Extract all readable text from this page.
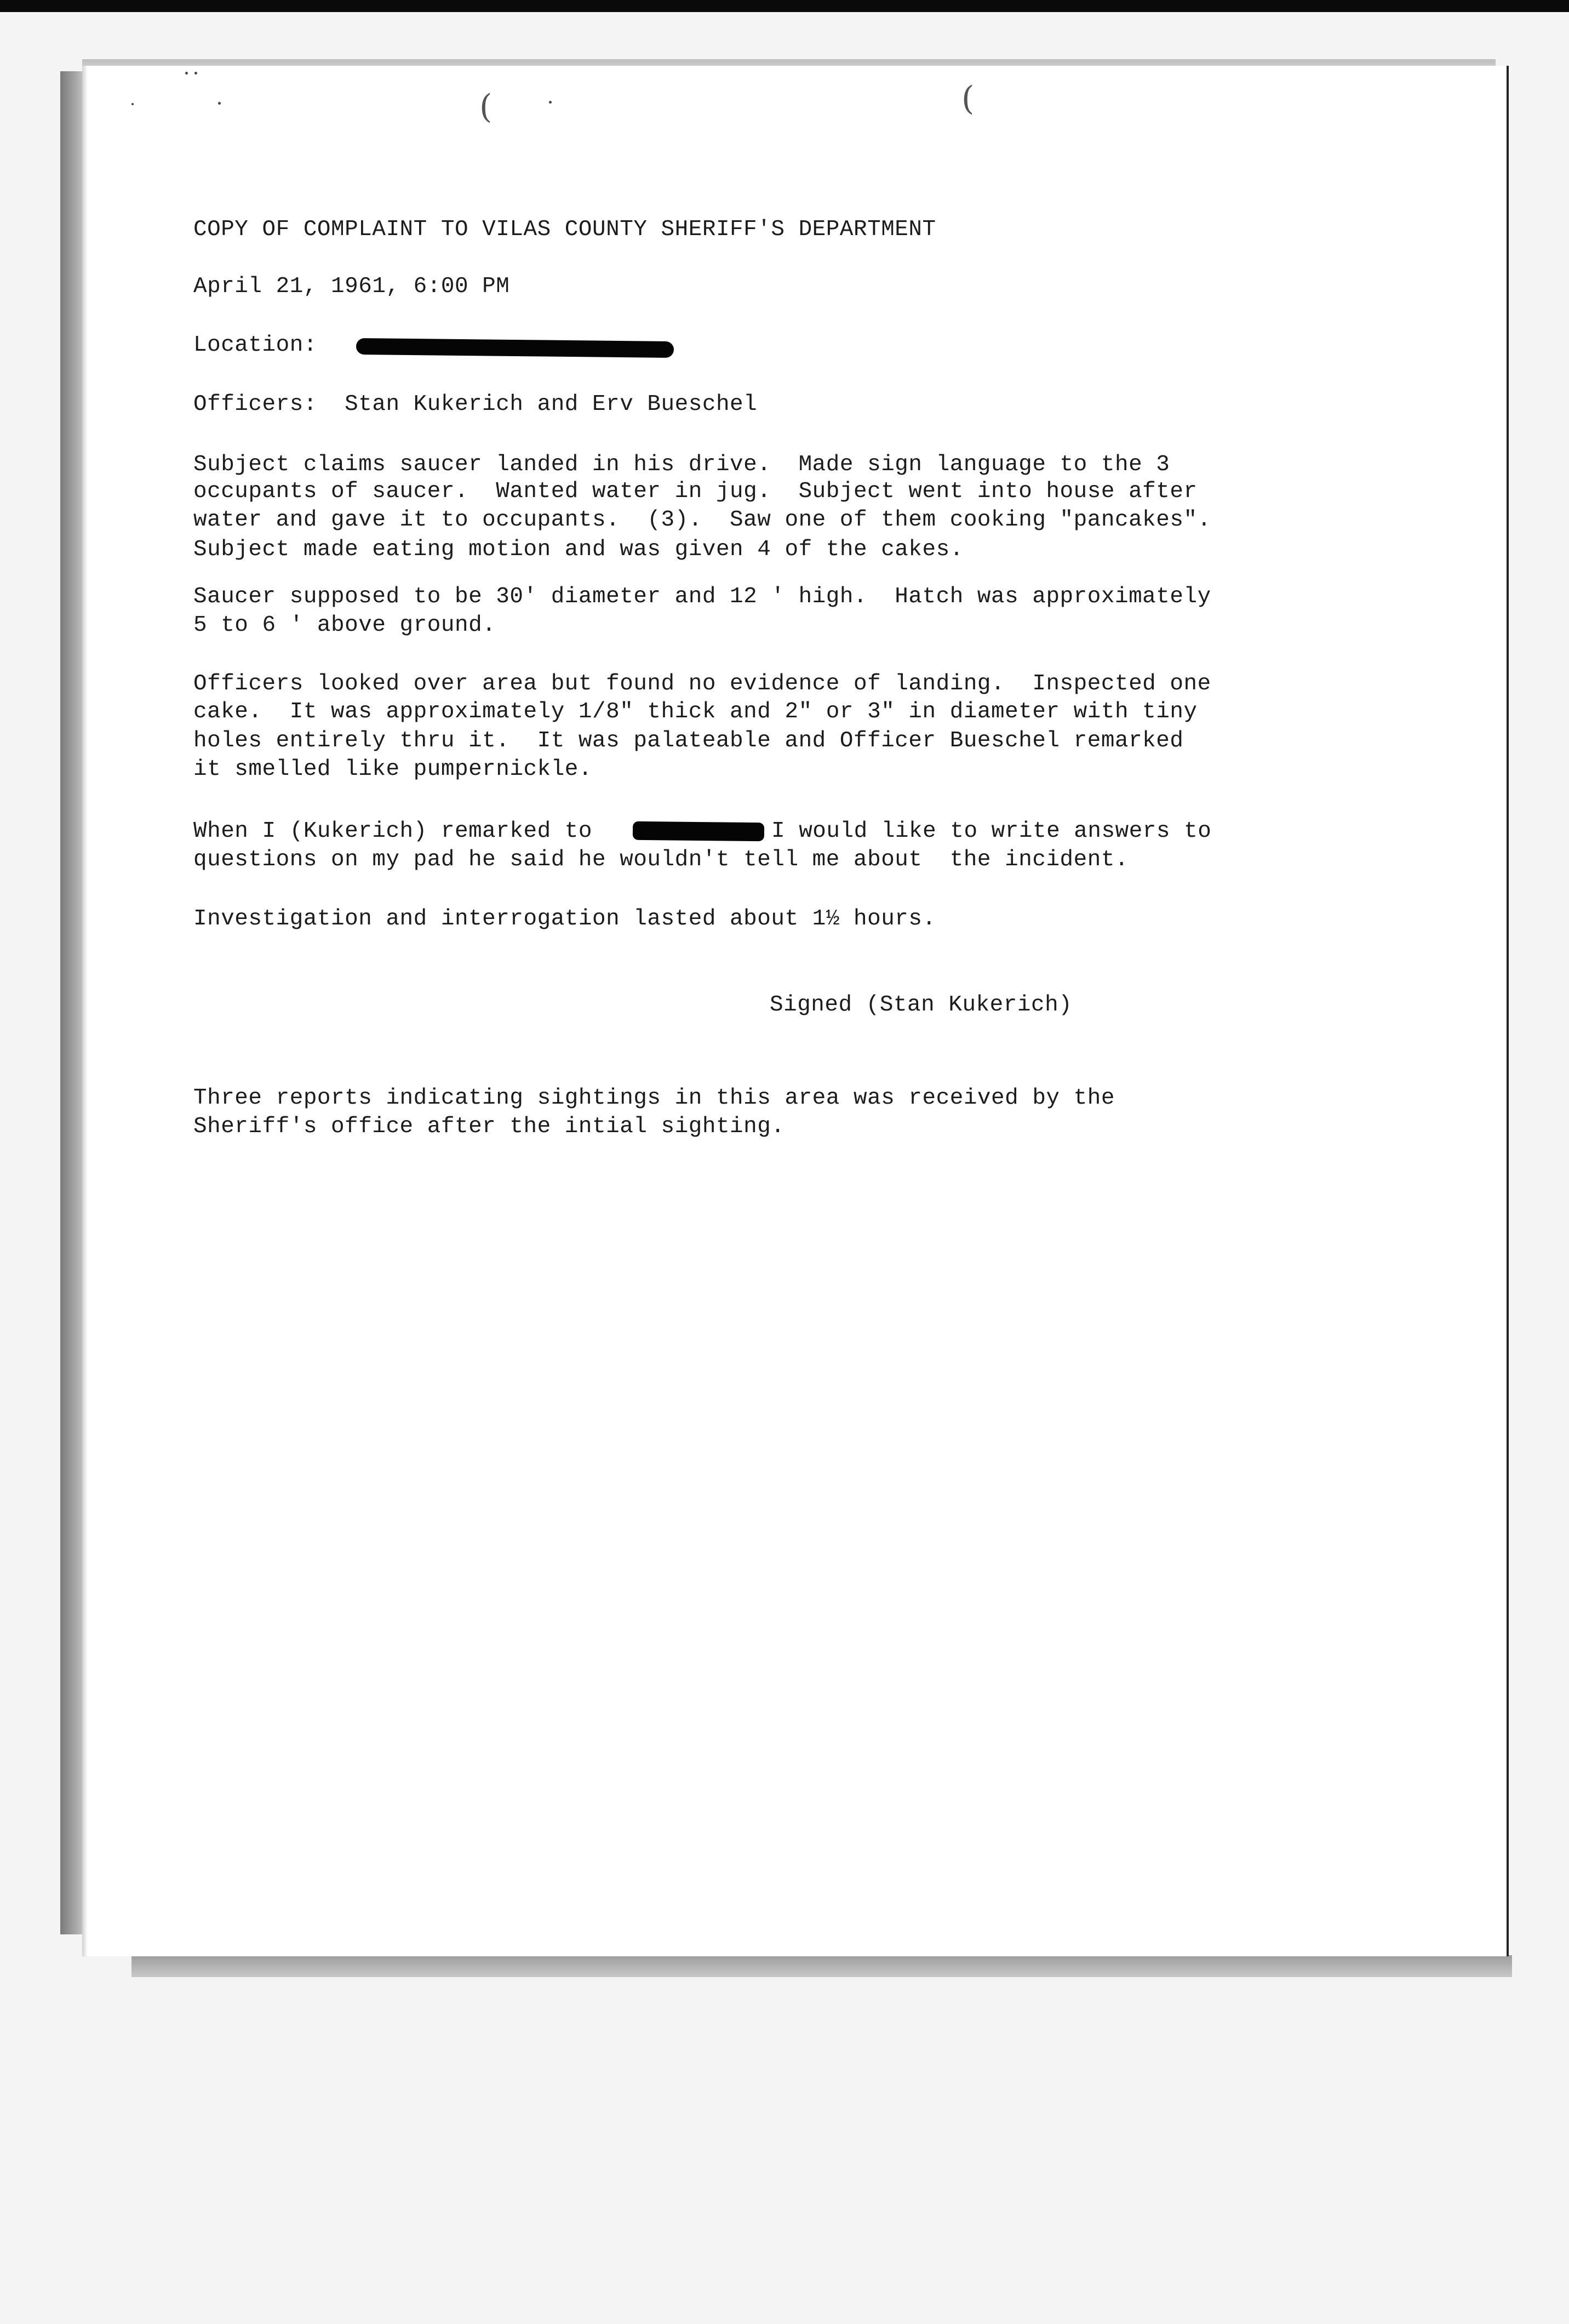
(	(

COPY OF COMPLAINT TO VILAS COUNTY SHERIFF'S DEPARTMENT

April 21, 1961, 6:00 PM

Location:

Officers:  Stan Kukerich and Erv Bueschel

Subject claims saucer landed in his drive.  Made sign language to the 3

occupants of saucer.  Wanted water in jug.  Subject went into house after

water and gave it to occupants.  (3).  Saw one of them cooking "pancakes".

Subject made eating motion and was given 4 of the cakes.

Saucer supposed to be 30' diameter and 12 ' high.  Hatch was approximately

5 to 6 ' above ground.

Officers looked over area but found no evidence of landing.  Inspected one

cake.  It was approximately 1/8" thick and 2" or 3" in diameter with tiny

holes entirely thru it.  It was palateable and Officer Bueschel remarked

it smelled like pumpernickle.

When I (Kukerich) remarked to	I would like to write answers to

questions on my pad he said he wouldn't tell me about  the incident.

Investigation and interrogation lasted about 1½ hours.

Signed (Stan Kukerich)

Three reports indicating sightings in this area was received by the

Sheriff's office after the intial sighting.
